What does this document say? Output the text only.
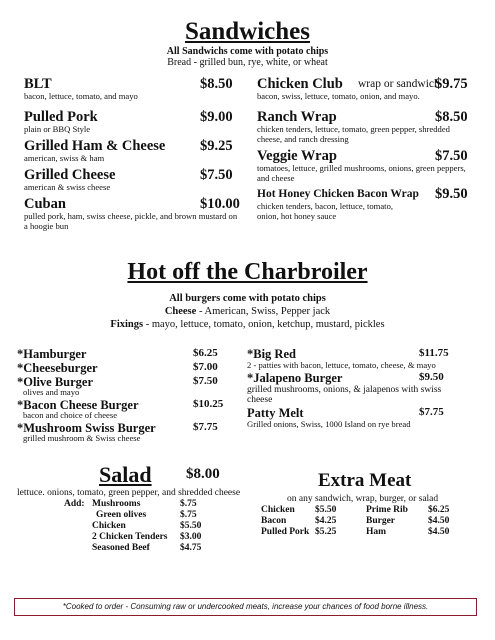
Sandwiches
All Sandwichs come with potato chips
Bread - grilled bun, rye, white, or wheat
BLT	$8.50
bacon, lettuce, tomato, and mayo
Pulled Pork	$9.00
plain or BBQ Style
Grilled Ham & Cheese $9.25
american, swiss & ham
Grilled Cheese	$7.50
american & swiss cheese
Cuban	$10.00
pulled pork, ham, swiss cheese, pickle, and brown mustard on a hoogie bun
Chicken Club wrap or sandwich
$9.75
bacon, swiss, lettuce, tomato, onion, and mayo.
Ranch Wrap	$8.50
chicken tenders, lettuce, tomato, green pepper, shredded cheese, and ranch dressing
Veggie Wrap	$7.50
tomatoes, lettuce, grilled mushrooms, onions, green peppers, and cheese
Hot Honey Chicken Bacon Wrap $9.50
chicken tenders, bacon, lettuce, tomato, onion, hot honey sauce
Hot off the Charbroiler
All burgers come with potato chips
Cheese - American, Swiss, Pepper jack
Fixings - mayo, lettuce, tomato, onion, ketchup, mustard, pickles
*Hamburger	$6.25
*Cheeseburger	$7.00
*Olive Burger	$7.50
olives and mayo
*Bacon Cheese Burger	$10.25
bacon and choice of cheese
*Mushroom Swiss Burger	$7.75
grilled mushroom & Swiss cheese
*Big Red	$11.75
2 - patties with bacon, lettuce, tomato, cheese, & mayo
*Jalapeno Burger	$9.50
grilled mushrooms, onions, & jalapenos with swiss cheese
Patty Melt	$7.75
Grilled onions, Swiss, 1000 Island on rye bread
Salad $8.00
lettuce. onions, tomato, green pepper, and shredded cheese
Add: Mushrooms	$.75
Green olives	$.75
Chicken	$5.50
2 Chicken Tenders $3.00
Seasoned Beef	$4.75
Extra Meat
on any sandwich, wrap, burger, or salad
Chicken	$5.50	Prime Rib	$6.25
Bacon	$4.25	Burger	$4.50
Pulled Pork	$5.25	Ham	$4.50
*Cooked to order - Consuming raw or undercooked meats, increase your chances of food borne illness.
